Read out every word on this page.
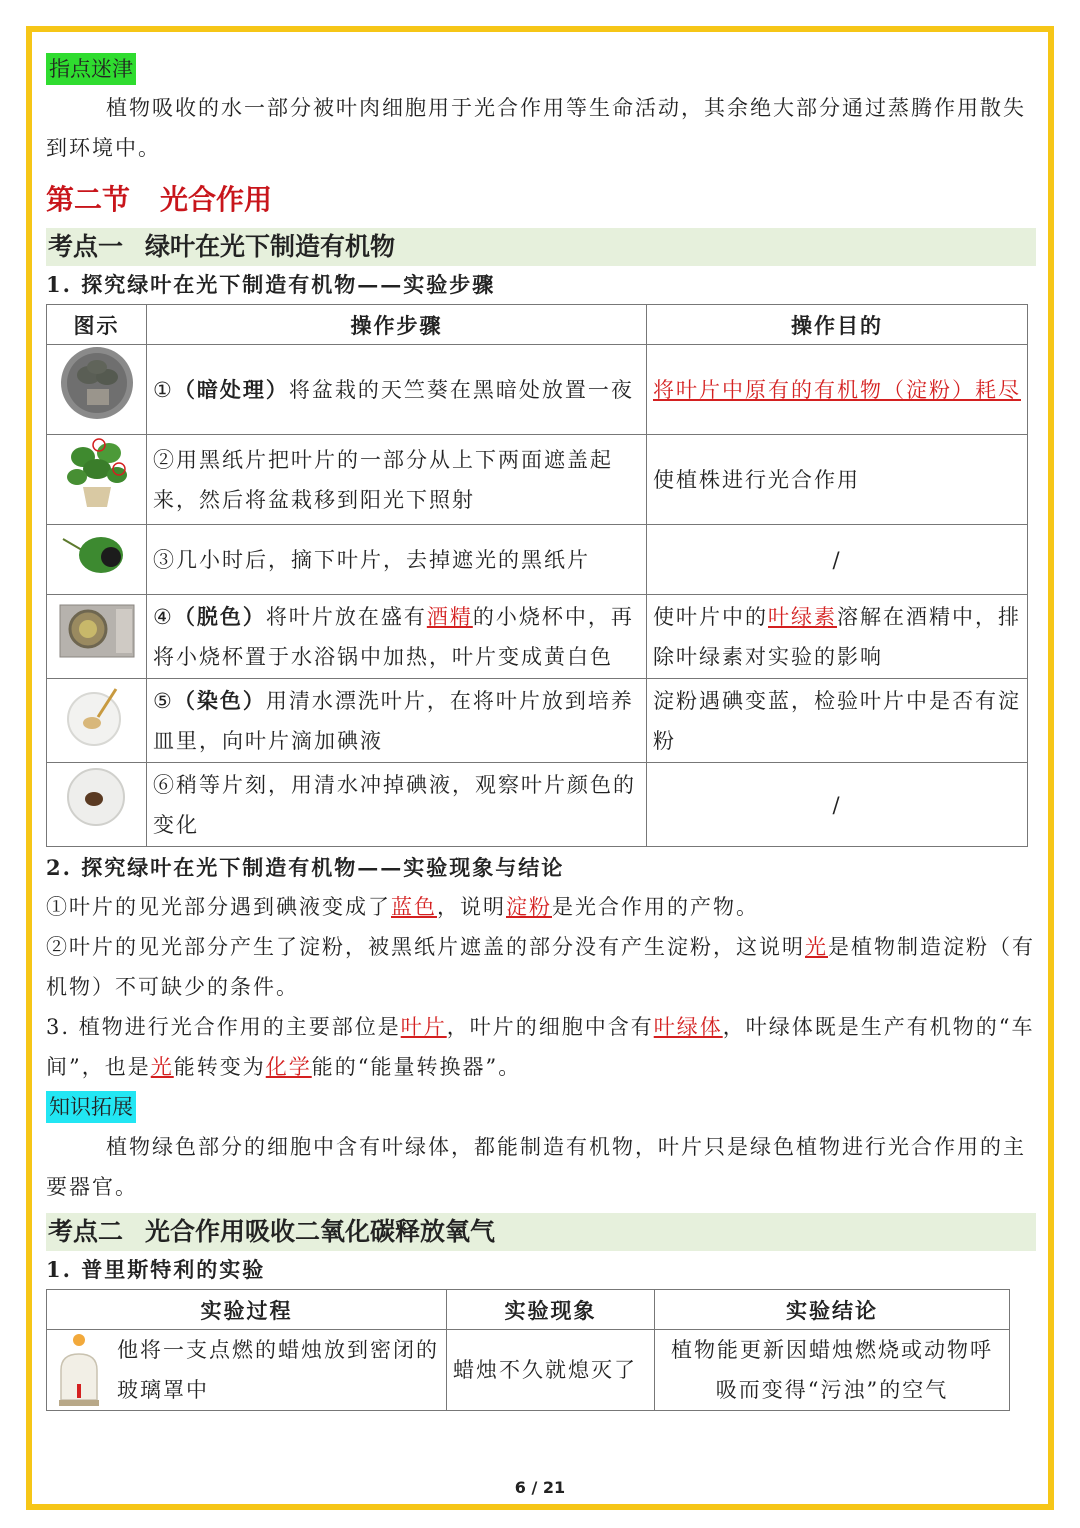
指点迷津

植物吸收的水一部分被叶肉细胞用于光合作用等生命活动，其余绝大部分通过蒸腾作用散失到环境中。

第二节 光合作用
考点一 绿叶在光下制造有机物
1. 探究绿叶在光下制造有机物——实验步骤
图示	操作步骤	操作目的
	①（暗处理）将盆栽的天竺葵在黑暗处放置一夜	将叶片中原有的有机物（淀粉）耗尽
	②用黑纸片把叶片的一部分从上下两面遮盖起来，然后将盆栽移到阳光下照射	使植株进行光合作用
	③几小时后，摘下叶片，去掉遮光的黑纸片	/
	④（脱色）将叶片放在盛有酒精的小烧杯中，再将小烧杯置于水浴锅中加热，叶片变成黄白色	使叶片中的叶绿素溶解在酒精中，排除叶绿素对实验的影响
	⑤（染色）用清水漂洗叶片，在将叶片放到培养皿里，向叶片滴加碘液	淀粉遇碘变蓝，检验叶片中是否有淀粉
	⑥稍等片刻，用清水冲掉碘液，观察叶片颜色的变化	/
2. 探究绿叶在光下制造有机物——实验现象与结论

①叶片的见光部分遇到碘液变成了蓝色，说明淀粉是光合作用的产物。

②叶片的见光部分产生了淀粉，被黑纸片遮盖的部分没有产生淀粉，这说明光是植物制造淀粉（有机物）不可缺少的条件。

3. 植物进行光合作用的主要部位是叶片，叶片的细胞中含有叶绿体，叶绿体既是生产有机物的“车间”，也是光能转变为化学能的“能量转换器”。

知识拓展

植物绿色部分的细胞中含有叶绿体，都能制造有机物，叶片只是绿色植物进行光合作用的主要器官。

考点二 光合作用吸收二氧化碳释放氧气
1. 普里斯特利的实验
实验过程	实验现象	实验结论

他将一支点燃的蜡烛放到密闭的玻璃罩中	蜡烛不久就熄灭了	植物能更新因蜡烛燃烧或动物呼吸而变得“污浊”的空气
6 / 21
